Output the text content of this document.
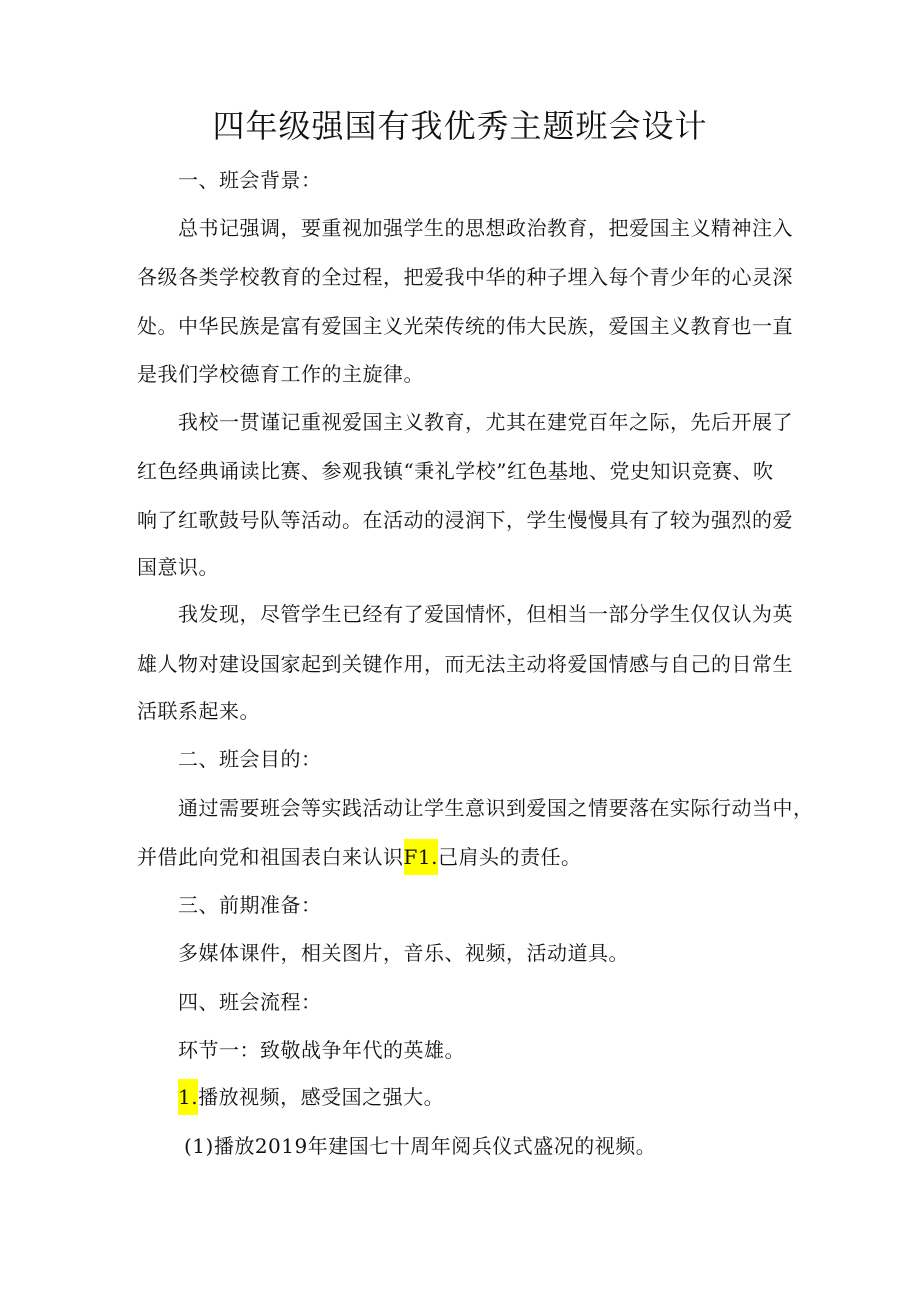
四年级强国有我优秀主题班会设计
一、班会背景：
总书记强调，要重视加强学生的思想政治教育，把爱国主义精神注入
各级各类学校教育的全过程，把爱我中华的种子埋入每个青少年的心灵深
处。中华民族是富有爱国主义光荣传统的伟大民族，爱国主义教育也一直
是我们学校德育工作的主旋律。
我校一贯谨记重视爱国主义教育，尤其在建党百年之际，先后开展了
红色经典诵读比赛、参观我镇“秉礼学校”红色基地、党史知识竞赛、吹
响了红歌鼓号队等活动。在活动的浸润下，学生慢慢具有了较为强烈的爱
国意识。
我发现，尽管学生已经有了爱国情怀，但相当一部分学生仅仅认为英
雄人物对建设国家起到关键作用，而无法主动将爱国情感与自己的日常生
活联系起来。
二、班会目的：
通过需要班会等实践活动让学生意识到爱国之情要落在实际行动当中，
并借此向党和祖国表白来认识F1.己肩头的责任。
三、前期准备：
多媒体课件，相关图片，音乐、视频，活动道具。
四、班会流程：
环节一：致敬战争年代的英雄。
1.播放视频，感受国之强大。
(1)播放2019年建国七十周年阅兵仪式盛况的视频。
